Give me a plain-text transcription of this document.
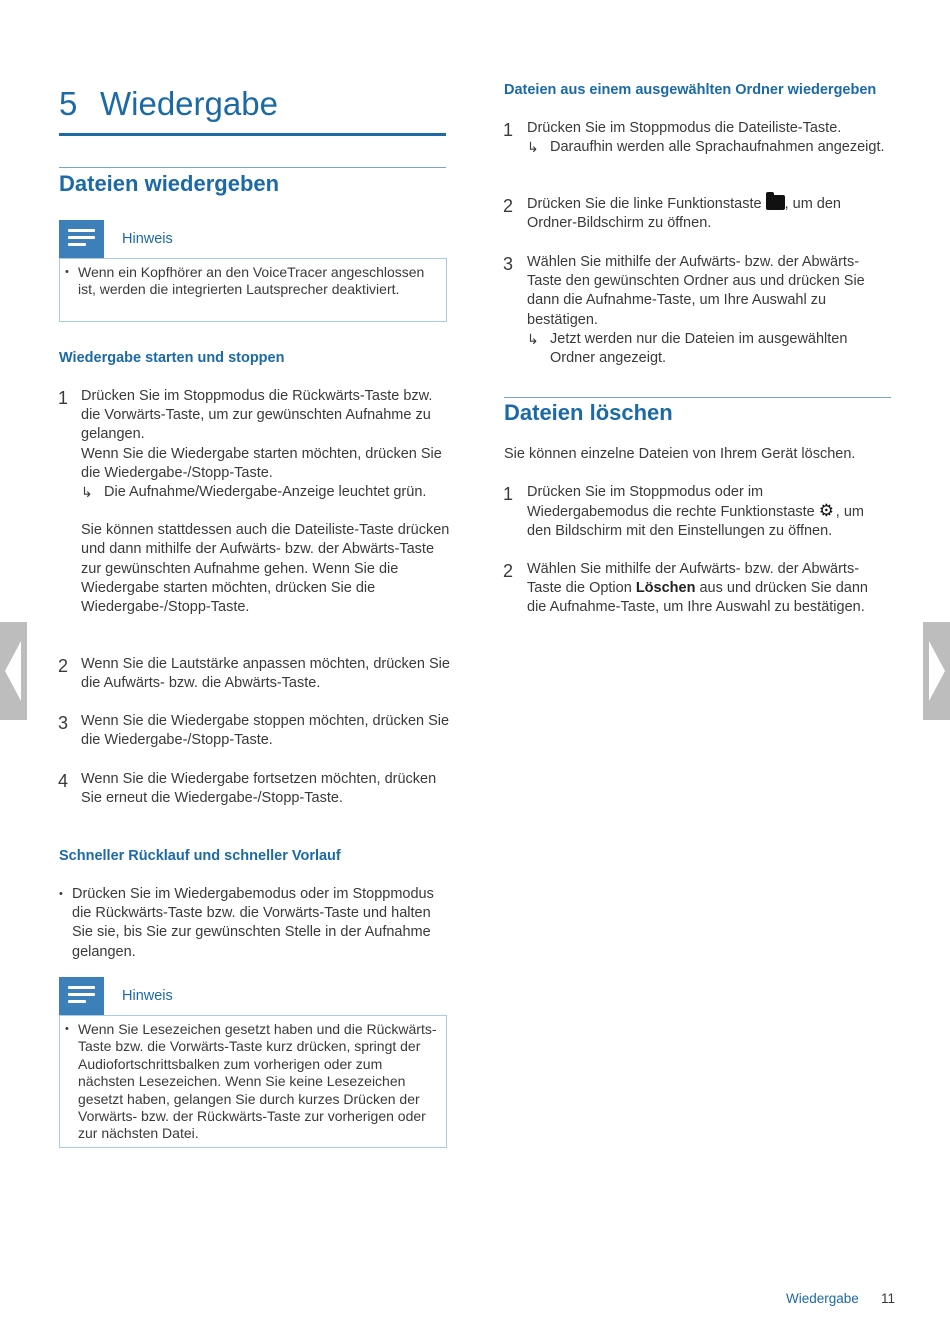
5 Wiedergabe
Dateien wiedergeben
Hinweis
• Wenn ein Kopfhörer an den VoiceTracer angeschlossen ist, werden die integrierten Lautsprecher deaktiviert.
Wiedergabe starten und stoppen
1 Drücken Sie im Stoppmodus die Rückwärts-Taste bzw. die Vorwärts-Taste, um zur gewünschten Aufnahme zu gelangen.
Wenn Sie die Wiedergabe starten möchten, drücken Sie die Wiedergabe-/Stopp-Taste.
↳ Die Aufnahme/Wiedergabe-Anzeige leuchtet grün.
Sie können stattdessen auch die Dateiliste-Taste drücken und dann mithilfe der Aufwärts- bzw. der Abwärts-Taste zur gewünschten Aufnahme gehen. Wenn Sie die Wiedergabe starten möchten, drücken Sie die Wiedergabe-/Stopp-Taste.
2 Wenn Sie die Lautstärke anpassen möchten, drücken Sie die Aufwärts- bzw. die Abwärts-Taste.
3 Wenn Sie die Wiedergabe stoppen möchten, drücken Sie die Wiedergabe-/Stopp-Taste.
4 Wenn Sie die Wiedergabe fortsetzen möchten, drücken Sie erneut die Wiedergabe-/Stopp-Taste.
Schneller Rücklauf und schneller Vorlauf
• Drücken Sie im Wiedergabemodus oder im Stoppmodus die Rückwärts-Taste bzw. die Vorwärts-Taste und halten Sie sie, bis Sie zur gewünschten Stelle in der Aufnahme gelangen.
Hinweis
• Wenn Sie Lesezeichen gesetzt haben und die Rückwärts-Taste bzw. die Vorwärts-Taste kurz drücken, springt der Audiofortschrittsbalken zum vorherigen oder zum nächsten Lesezeichen. Wenn Sie keine Lesezeichen gesetzt haben, gelangen Sie durch kurzes Drücken der Vorwärts- bzw. der Rückwärts-Taste zur vorherigen oder zur nächsten Datei.
Dateien aus einem ausgewählten Ordner wiedergeben
1 Drücken Sie im Stoppmodus die Dateiliste-Taste.
↳ Daraufhin werden alle Sprachaufnahmen angezeigt.
2 Drücken Sie die linke Funktionstaste , um den Ordner-Bildschirm zu öffnen.
3 Wählen Sie mithilfe der Aufwärts- bzw. der Abwärts-Taste den gewünschten Ordner aus und drücken Sie dann die Aufnahme-Taste, um Ihre Auswahl zu bestätigen.
↳ Jetzt werden nur die Dateien im ausgewählten Ordner angezeigt.
Dateien löschen
Sie können einzelne Dateien von Ihrem Gerät löschen.
1 Drücken Sie im Stoppmodus oder im Wiedergabemodus die rechte Funktionstaste ⚙ , um den Bildschirm mit den Einstellungen zu öffnen.
2 Wählen Sie mithilfe der Aufwärts- bzw. der Abwärts-Taste die Option Löschen aus und drücken Sie dann die Aufnahme-Taste, um Ihre Auswahl zu bestätigen.
Wiedergabe 11
